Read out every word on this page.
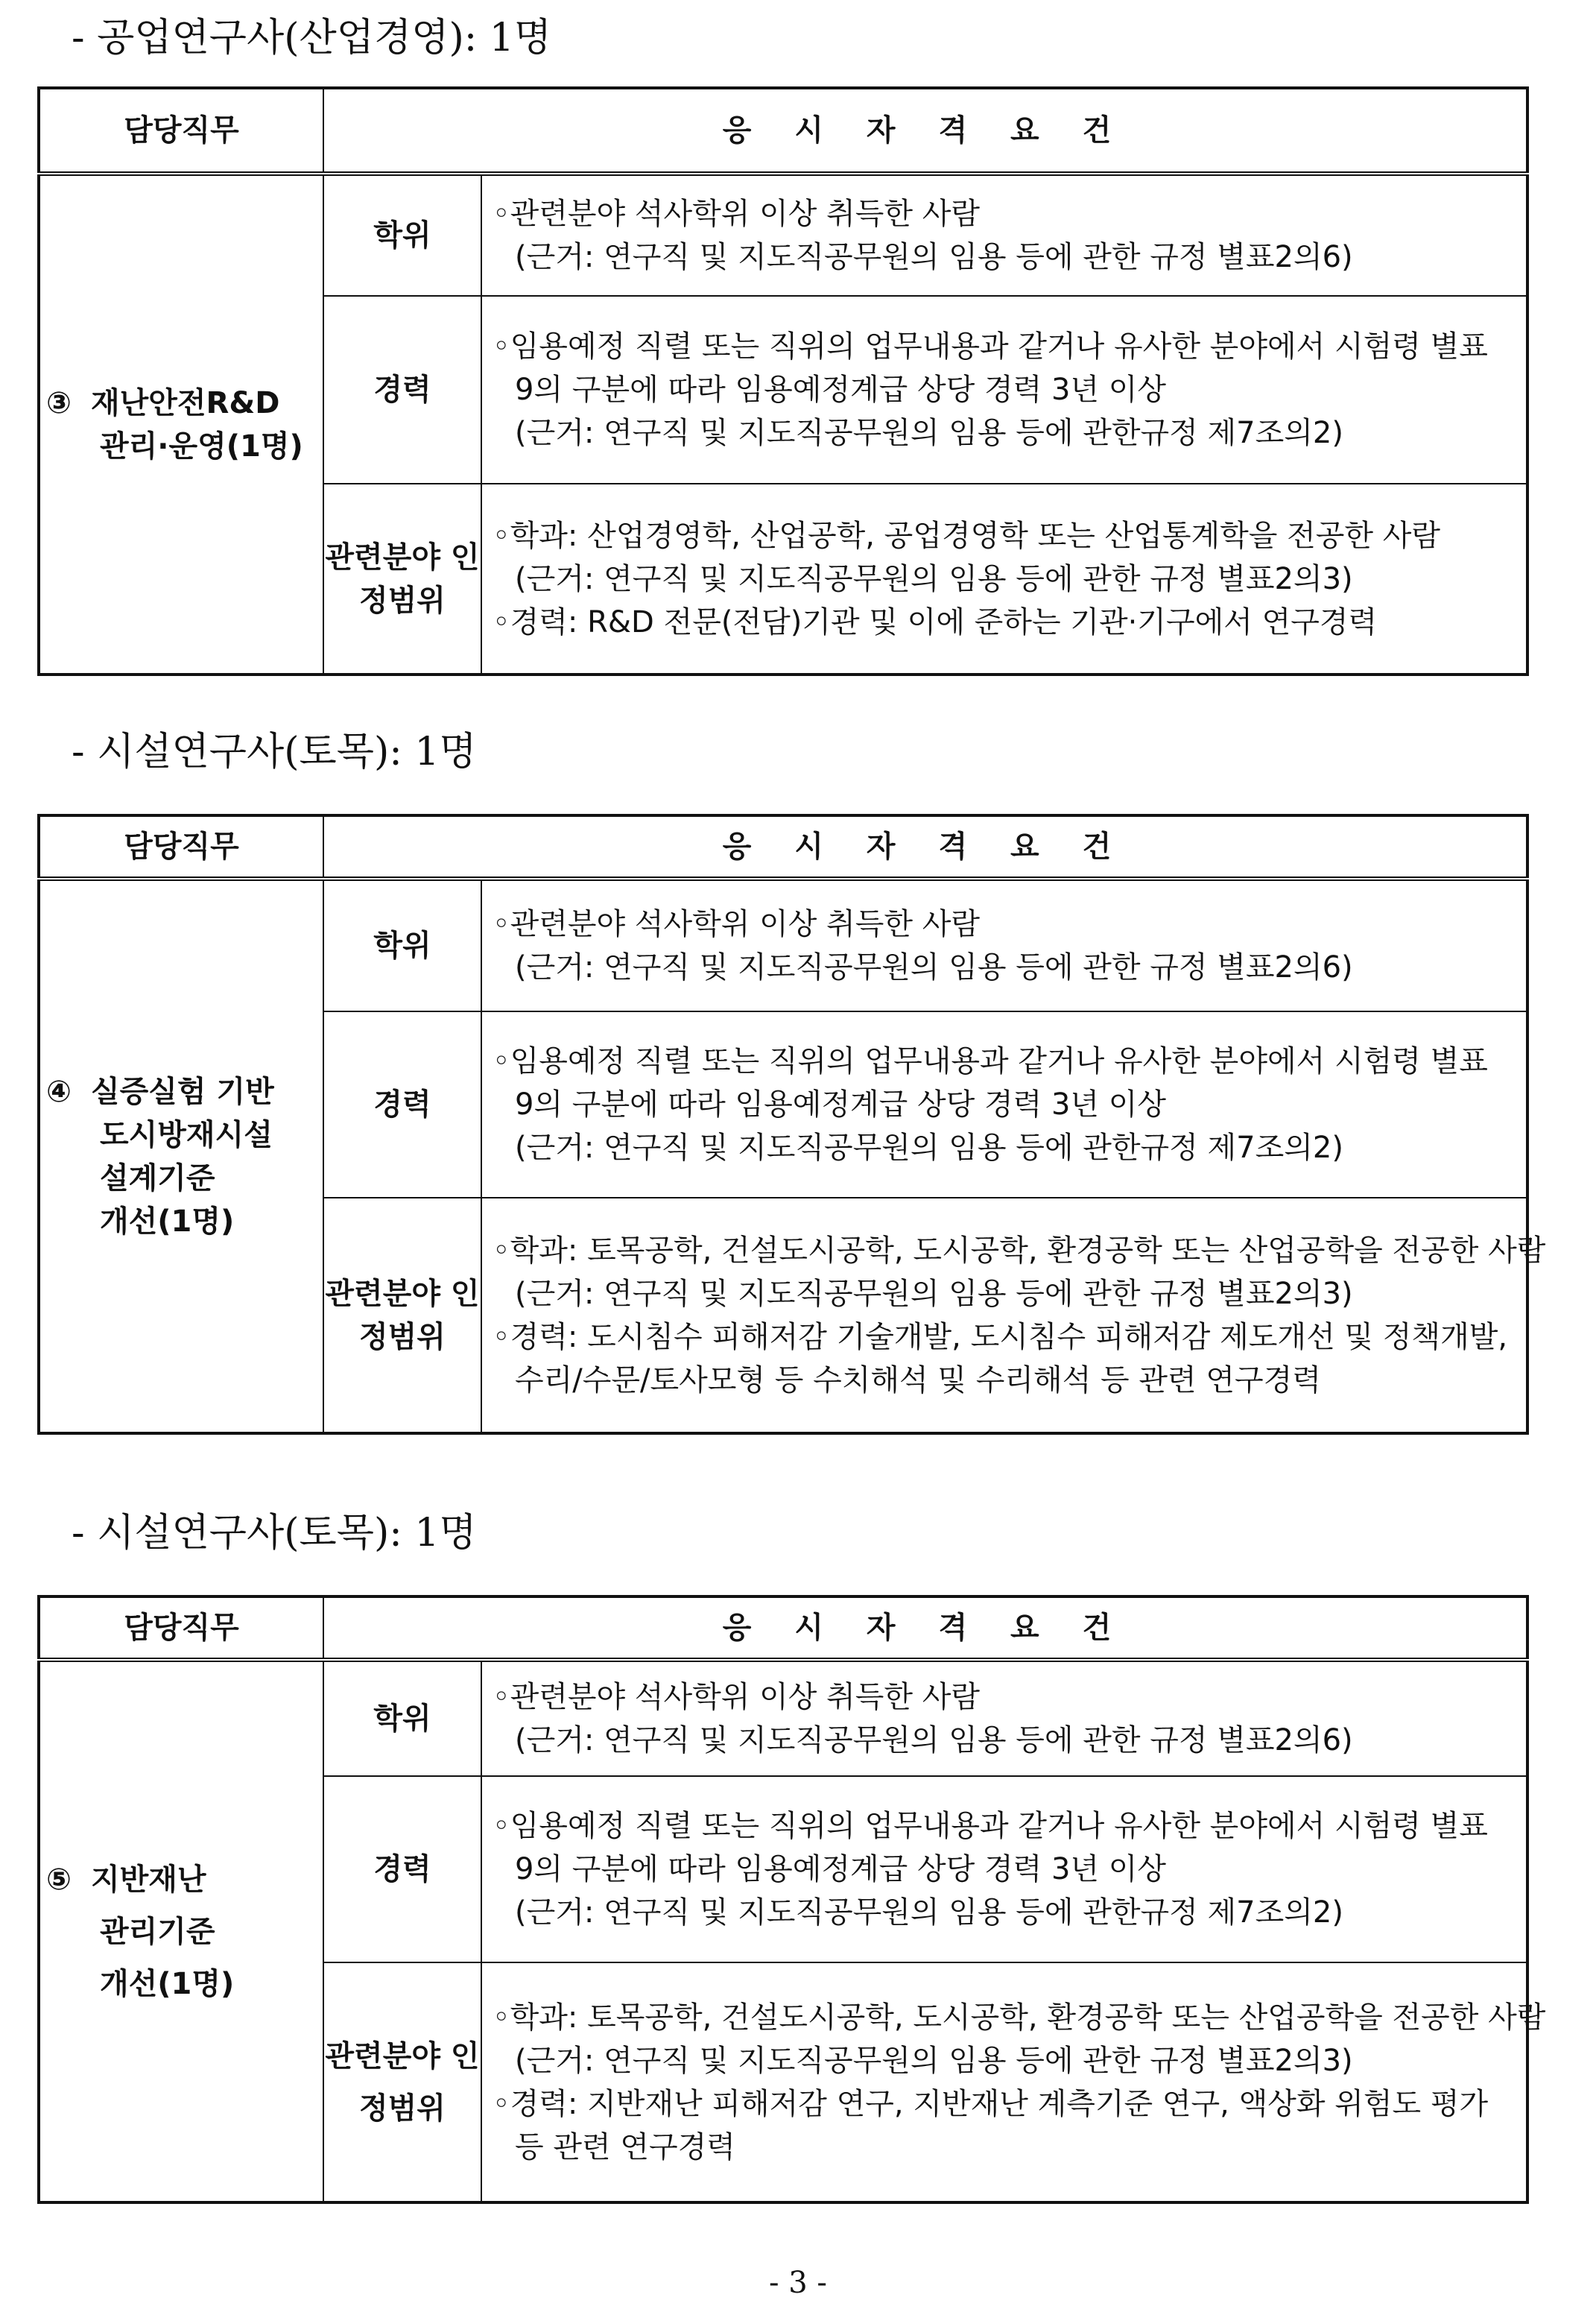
- 공업연구사(산업경영): 1명
담당직무	응 시 자 격 요 건	

③ 재난안전R&D
관리·운영(1명)	학위	◦관련분야 석사학위 이상 취득한 사람
(근거: 연구직 및 지도직공무원의 임용 등에 관한 규정 별표2의6)

	경력	◦임용예정 직렬 또는 직위의 업무내용과 같거나 유사한 분야에서 시험령 별표
9의 구분에 따라 임용예정계급 상당 경력 3년 이상
(근거: 연구직 및 지도직공무원의 임용 등에 관한규정 제7조의2)

	관련분야 인정범위	◦학과: 산업경영학, 산업공학, 공업경영학 또는 산업통계학을 전공한 사람
(근거: 연구직 및 지도직공무원의 임용 등에 관한 규정 별표2의3)
◦경력: R&D 전문(전담)기관 및 이에 준하는 기관·기구에서 연구경력
- 시설연구사(토목): 1명
담당직무	응 시 자 격 요 건	

④ 실증실험 기반
도시방재시설
설계기준
개선(1명)	학위	◦관련분야 석사학위 이상 취득한 사람
(근거: 연구직 및 지도직공무원의 임용 등에 관한 규정 별표2의6)

	경력	◦임용예정 직렬 또는 직위의 업무내용과 같거나 유사한 분야에서 시험령 별표
9의 구분에 따라 임용예정계급 상당 경력 3년 이상
(근거: 연구직 및 지도직공무원의 임용 등에 관한규정 제7조의2)

	관련분야 인정범위	◦학과: 토목공학, 건설도시공학, 도시공학, 환경공학 또는 산업공학을 전공한 사람
(근거: 연구직 및 지도직공무원의 임용 등에 관한 규정 별표2의3)
◦경력: 도시침수 피해저감 기술개발, 도시침수 피해저감 제도개선 및 정책개발,
수리/수문/토사모형 등 수치해석 및 수리해석 등 관련 연구경력
- 시설연구사(토목): 1명
담당직무	응 시 자 격 요 건	

⑤ 지반재난
관리기준
개선(1명)	학위	◦관련분야 석사학위 이상 취득한 사람
(근거: 연구직 및 지도직공무원의 임용 등에 관한 규정 별표2의6)

	경력	◦임용예정 직렬 또는 직위의 업무내용과 같거나 유사한 분야에서 시험령 별표
9의 구분에 따라 임용예정계급 상당 경력 3년 이상
(근거: 연구직 및 지도직공무원의 임용 등에 관한규정 제7조의2)

	관련분야 인정범위	◦학과: 토목공학, 건설도시공학, 도시공학, 환경공학 또는 산업공학을 전공한 사람
(근거: 연구직 및 지도직공무원의 임용 등에 관한 규정 별표2의3)
◦경력: 지반재난 피해저감 연구, 지반재난 계측기준 연구, 액상화 위험도 평가
등 관련 연구경력
- 3 -
